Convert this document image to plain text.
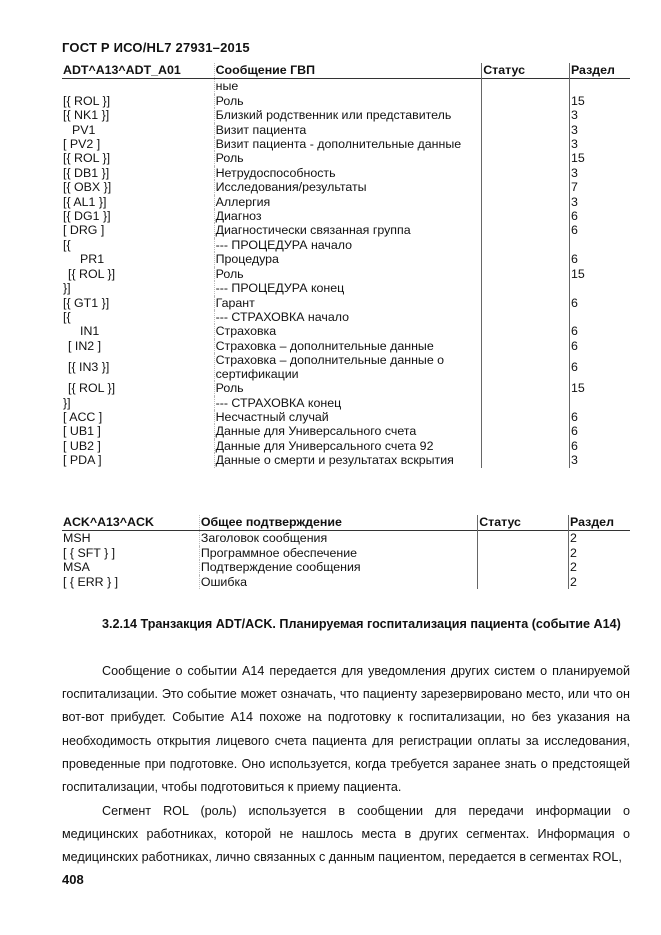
ГОСТ Р ИСО/HL7 27931–2015
ADT^A13^ADT_A01	Сообщение ГВП	Статус	Раздел
	ные		
[{ ROL }]	Роль		15
[{ NK1 }]	Близкий родственник или представитель		3
PV1	Визит пациента		3
[ PV2 ]	Визит пациента - дополнительные данные		3
[{ ROL }]	Роль		15
[{ DB1 }]	Нетрудоспособность		3
[{ OBX }]	Исследования/результаты		7
[{ AL1 }]	Аллергия		3
[{ DG1 }]	Диагноз		6
[ DRG ]	Диагностически связанная группа		6
[{	--- ПРОЦЕДУРА начало		
PR1	Процедура		6
[{ ROL }]	Роль		15
}]	--- ПРОЦЕДУРА конец		
[{ GT1 }]	Гарант		6
[{	--- СТРАХОВКА начало		
IN1	Страховка		6
[ IN2 ]	Страховка – дополнительные данные		6
[{ IN3 }]	Страховка – дополнительные данные о сертификации		6
[{ ROL }]	Роль		15
}]	--- СТРАХОВКА конец		
[ ACC ]	Несчастный случай		6
[ UB1 ]	Данные для Универсального счета		6
[ UB2 ]	Данные для Универсального счета 92		6
[ PDA ]	Данные о смерти и результатах вскрытия		3
ACK^A13^ACK	Общее подтверждение	Статус	Раздел
MSH	Заголовок сообщения		2
[ { SFT } ]	Программное обеспечение		2
MSA	Подтверждение сообщения		2
[ { ERR } ]	Ошибка		2
3.2.14 Транзакция ADT/ACK. Планируемая госпитализация пациента (событие A14)
Сообщение о событии A14 передается для уведомления других систем о планируемой госпитализации. Это событие может означать, что пациенту зарезервировано место, или что он вот-вот прибудет. Событие A14 похоже на подготовку к госпитализации, но без указания на необходимость открытия лицевого счета пациента для регистрации оплаты за исследования, проведенные при подготовке. Оно используется, когда требуется заранее знать о предстоящей госпитализации, чтобы подготовиться к приему пациента.
Сегмент ROL (роль) используется в сообщении для передачи информации о медицинских работниках, которой не нашлось места в других сегментах. Информация о медицинских работниках, лично связанных с данным пациентом, передается в сегментах ROL,
408
